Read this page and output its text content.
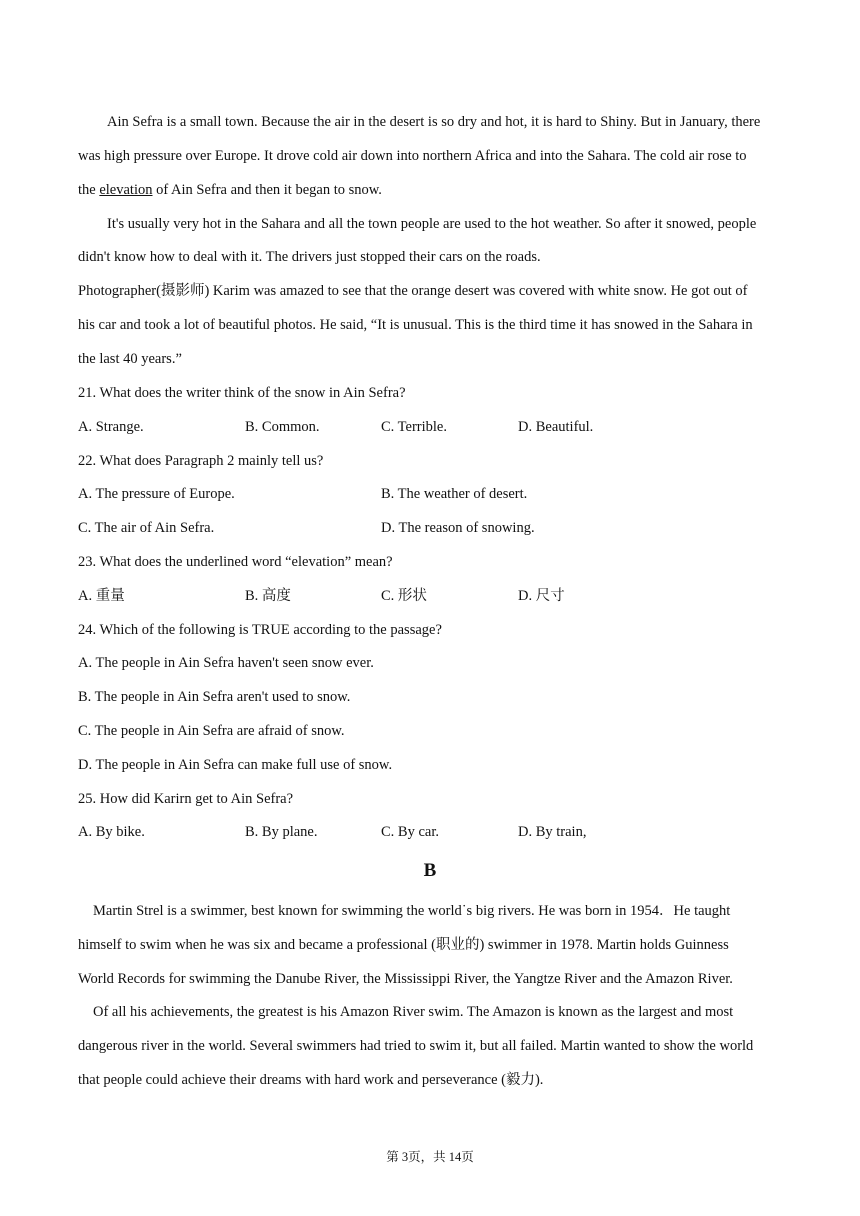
Ain Sefra is a small town. Because the air in the desert is so dry and hot, it is hard to Shiny. But in January, there
was high pressure over Europe. It drove cold air down into northern Africa and into the Sahara. The cold air rose to
the elevation of Ain Sefra and then it began to snow.
It's usually very hot in the Sahara and all the town people are used to the hot weather. So after it snowed, people
didn't know how to deal with it. The drivers just stopped their cars on the roads.
Photographer(摄影师) Karim was amazed to see that the orange desert was covered with white snow. He got out of
his car and took a lot of beautiful photos. He said, “It is unusual. This is the third time it has snowed in the Sahara in
the last 40 years.”
21. What does the writer think of the snow in Ain Sefra?
A. Strange.	B. Common.	C. Terrible.	D. Beautiful.
22. What does Paragraph 2 mainly tell us?
A. The pressure of Europe.	B. The weather of desert.
C. The air of Ain Sefra.	D. The reason of snowing.
23. What does the underlined word “elevation” mean?
A. 重量	B. 高度	C. 形状	D. 尺寸
24. Which of the following is TRUE according to the passage?
A. The people in Ain Sefra haven't seen snow ever.
B. The people in Ain Sefra aren't used to snow.
C. The people in Ain Sefra are afraid of snow.
D. The people in Ain Sefra can make full use of snow.
25. How did Karirn get to Ain Sefra?
A. By bike.	B. By plane.	C. By car.	D. By train,
B
Martin Strel is a swimmer, best known for swimming the world˙s big rivers. He was born in 1954．He taught
himself to swim when he was six and became a professional (职业的) swimmer in 1978. Martin holds Guinness
World Records for swimming the Danube River, the Mississippi River, the Yangtze River and the Amazon River.
Of all his achievements, the greatest is his Amazon River swim. The Amazon is known as the largest and most
dangerous river in the world. Several swimmers had tried to swim it, but all failed. Martin wanted to show the world
that people could achieve their dreams with hard work and perseverance (毅力).
第 3页，共 14页
